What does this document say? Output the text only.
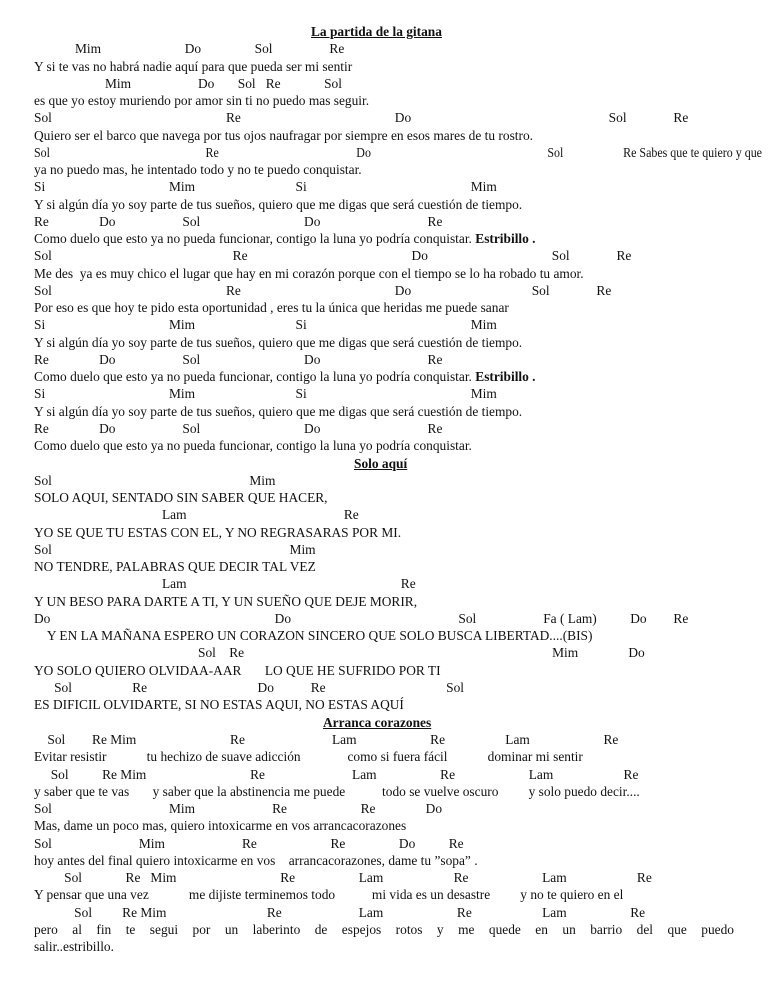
La partida de la gitana
Mim                         Do                Sol                 Re
Y si te vas no habrá nadie aquí para que pueda ser mi sentir
Mim                    Do       Sol   Re             Sol
es que yo estoy muriendo por amor sin ti no puedo mas seguir.
Sol                                                    Re                                              Do                                                           Sol              Re
Quiero ser el barco que navega por tus ojos naufragar por siempre en esos mares de tu rostro.
Sol                                                    Re                                              Do                                                           Sol                    Re Sabes que te quiero y que
ya no puedo mas, he intentado todo y no te puedo conquistar.
Si                                     Mim                              Si                                                 Mim
Y si algún día yo soy parte de tus sueños, quiero que me digas que será cuestión de tiempo.
Re               Do                    Sol                               Do                                Re
Como duelo que esto ya no pueda funcionar, contigo la luna yo podría conquistar. Estribillo .
Sol                                                      Re                                                 Do                                     Sol              Re
Me des  ya es muy chico el lugar que hay en mi corazón porque con el tiempo se lo ha robado tu amor.
Sol                                                    Re                                              Do                                    Sol              Re
Por eso es que hoy te pido esta oportunidad , eres tu la única que heridas me puede sanar
Si                                     Mim                              Si                                                 Mim
Y si algún día yo soy parte de tus sueños, quiero que me digas que será cuestión de tiempo.
Re               Do                    Sol                               Do                                Re
Como duelo que esto ya no pueda funcionar, contigo la luna yo podría conquistar. Estribillo .
Si                                     Mim                              Si                                                 Mim
Y si algún día yo soy parte de tus sueños, quiero que me digas que será cuestión de tiempo.
Re               Do                    Sol                               Do                                Re
Como duelo que esto ya no pueda funcionar, contigo la luna yo podría conquistar.
Solo aquí
Sol                                                           Mim
SOLO AQUI, SENTADO SIN SABER QUE HACER,
Lam                                               Re
YO SE QUE TU ESTAS CON EL, Y NO REGRASARAS POR MI.
Sol                                                                       Mim
NO TENDRE, PALABRAS QUE DECIR TAL VEZ
Lam                                                                Re
Y UN BESO PARA DARTE A TI, Y UN SUEÑO QUE DEJE MORIR,
Do                                                                   Do                                                  Sol                    Fa ( Lam)          Do        Re
Y EN LA MAÑANA ESPERO UN CORAZON SINCERO QUE SOLO BUSCA LIBERTAD....(BIS)
Sol    Re                                                                                            Mim               Do
YO SOLO QUIERO OLVIDAA-AAR       LO QUE HE SUFRIDO POR TI
Sol                  Re                                 Do           Re                                    Sol
ES DIFICIL OLVIDARTE, SI NO ESTAS AQUI, NO ESTAS AQUÍ
Arranca corazones
Sol        Re Mim                            Re                          Lam                      Re                  Lam                      Re
Evitar resistir            tu hechizo de suave adicción              como si fuera fácil            dominar mi sentir
Sol          Re Mim                               Re                          Lam                   Re                      Lam                     Re
y saber que te vas       y saber que la abstinencia me puede           todo se vuelve oscuro         y solo puedo decir....
Sol                                   Mim                       Re                      Re               Do
Mas, dame un poco mas, quiero intoxicarme en vos arrancacorazones
Sol                          Mim                       Re                      Re                Do          Re
hoy antes del final quiero intoxicarme en vos    arrancacorazones, dame tu ”sopa” .
Sol             Re   Mim                               Re                   Lam                     Re                      Lam                     Re
Y pensar que una vez            me dijiste terminemos todo           mi vida es un desastre         y no te quiero en el
Sol         Re Mim                              Re                       Lam                      Re                     Lam                   Re
pero al fin te segui por un laberinto de espejos rotos y me quede en un barrio del que puedo
salir..estribillo.
